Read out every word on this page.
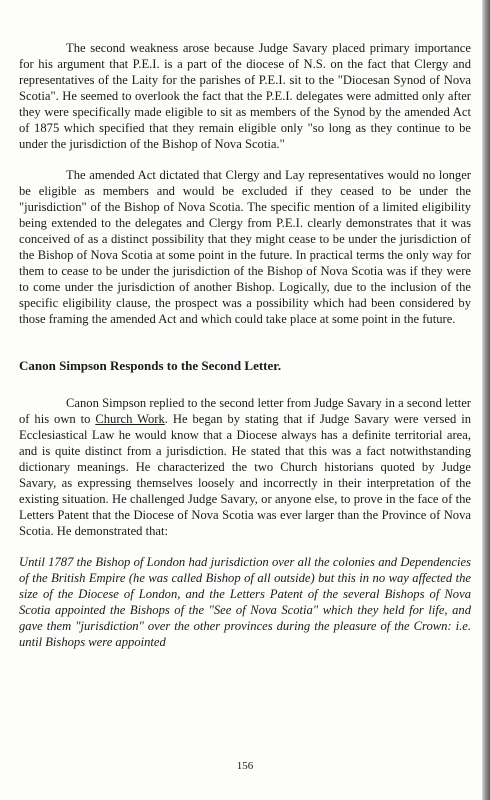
The second weakness arose because Judge Savary placed primary importance for his argument that P.E.I. is a part of the diocese of N.S. on the fact that Clergy and representatives of the Laity for the parishes of P.E.I. sit to the "Diocesan Synod of Nova Scotia". He seemed to overlook the fact that the P.E.I. delegates were admitted only after they were specifically made eligible to sit as members of the Synod by the amended Act of 1875 which specified that they remain eligible only "so long as they continue to be under the jurisdiction of the Bishop of Nova Scotia."

The amended Act dictated that Clergy and Lay representatives would no longer be eligible as members and would be excluded if they ceased to be under the "jurisdiction" of the Bishop of Nova Scotia. The specific mention of a limited eligibility being extended to the delegates and Clergy from P.E.I. clearly demonstrates that it was conceived of as a distinct possibility that they might cease to be under the jurisdiction of the Bishop of Nova Scotia at some point in the future. In practical terms the only way for them to cease to be under the jurisdiction of the Bishop of Nova Scotia was if they were to come under the jurisdiction of another Bishop. Logically, due to the inclusion of the specific eligibility clause, the prospect was a possibility which had been considered by those framing the amended Act and which could take place at some point in the future.

Canon Simpson Responds to the Second Letter.

Canon Simpson replied to the second letter from Judge Savary in a second letter of his own to Church Work. He began by stating that if Judge Savary were versed in Ecclesiastical Law he would know that a Diocese always has a definite territorial area, and is quite distinct from a jurisdiction. He stated that this was a fact notwithstanding dictionary meanings. He characterized the two Church historians quoted by Judge Savary, as expressing themselves loosely and incorrectly in their interpretation of the existing situation. He challenged Judge Savary, or anyone else, to prove in the face of the Letters Patent that the Diocese of Nova Scotia was ever larger than the Province of Nova Scotia. He demonstrated that:

Until 1787 the Bishop of London had jurisdiction over all the colonies and Dependencies of the British Empire (he was called Bishop of all outside) but this in no way affected the size of the Diocese of London, and the Letters Patent of the several Bishops of Nova Scotia appointed the Bishops of the "See of Nova Scotia" which they held for life, and gave them "jurisdiction" over the other provinces during the pleasure of the Crown: i.e. until Bishops were appointed

156
